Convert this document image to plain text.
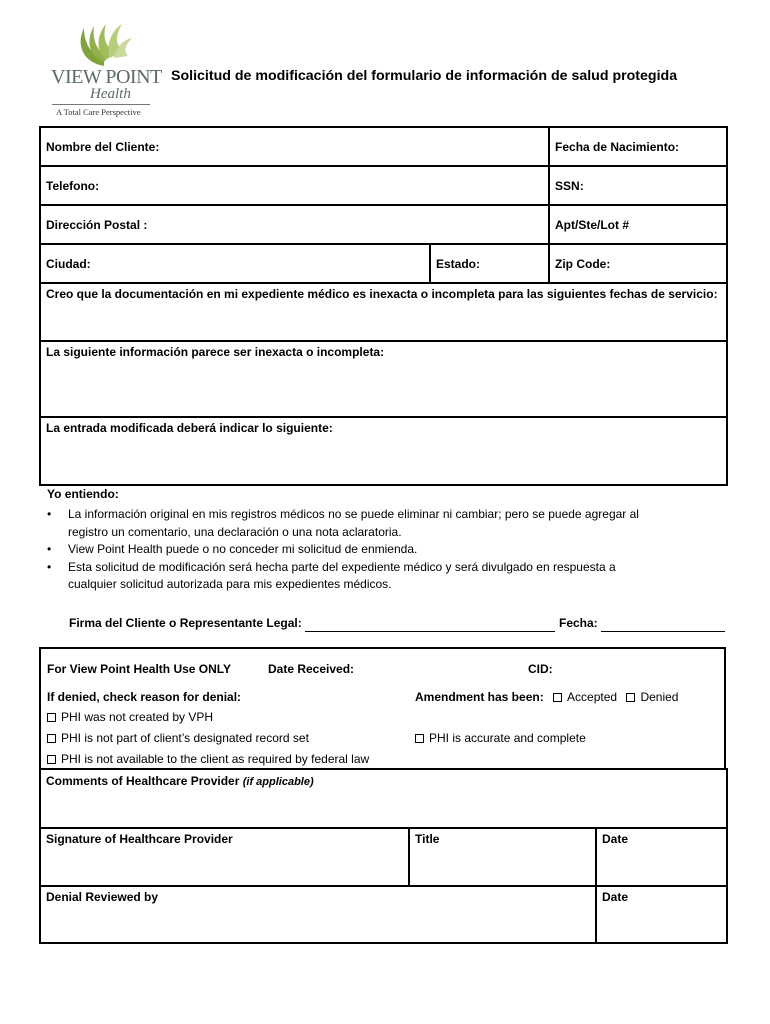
VIEW POINT
Health
A Total Care Perspective
Solicitud de modificación del formulario de información de salud protegida
Nombre del Cliente:		Fecha de Nacimiento:
Telefono:		SSN:
Dirección Postal :		Apt/Ste/Lot #
Ciudad:	Estado:	Zip Code:
Creo que la documentación en mi expediente médico es inexacta o incompleta para las siguientes fechas de servicio:		
La siguiente información parece ser inexacta o incompleta:		
La entrada modificada deberá indicar lo siguiente:		
Yo entiendo:
• La información original en mis registros médicos no se puede eliminar ni cambiar; pero se puede agregar al
registro un comentario, una declaración o una nota aclaratoria.
• View Point Health puede o no conceder mi solicitud de enmienda.
• Esta solicitud de modificación será hecha parte del expediente médico y será divulgado en respuesta a
cualquier solicitud autorizada para mis expedientes médicos.
Firma del Cliente o Representante Legal:	Fecha:
For View Point Health Use ONLY	Date Received:	CID:
If denied, check reason for denial:	Amendment has been: Accepted Denied
PHI was not created by VPH
PHI is not part of client’s designated record set	PHI is accurate and complete
PHI is not available to the client as required by federal law
Comments of Healthcare Provider (if applicable)		
Signature of Healthcare Provider	Title	Date
Denial Reviewed by		Date
